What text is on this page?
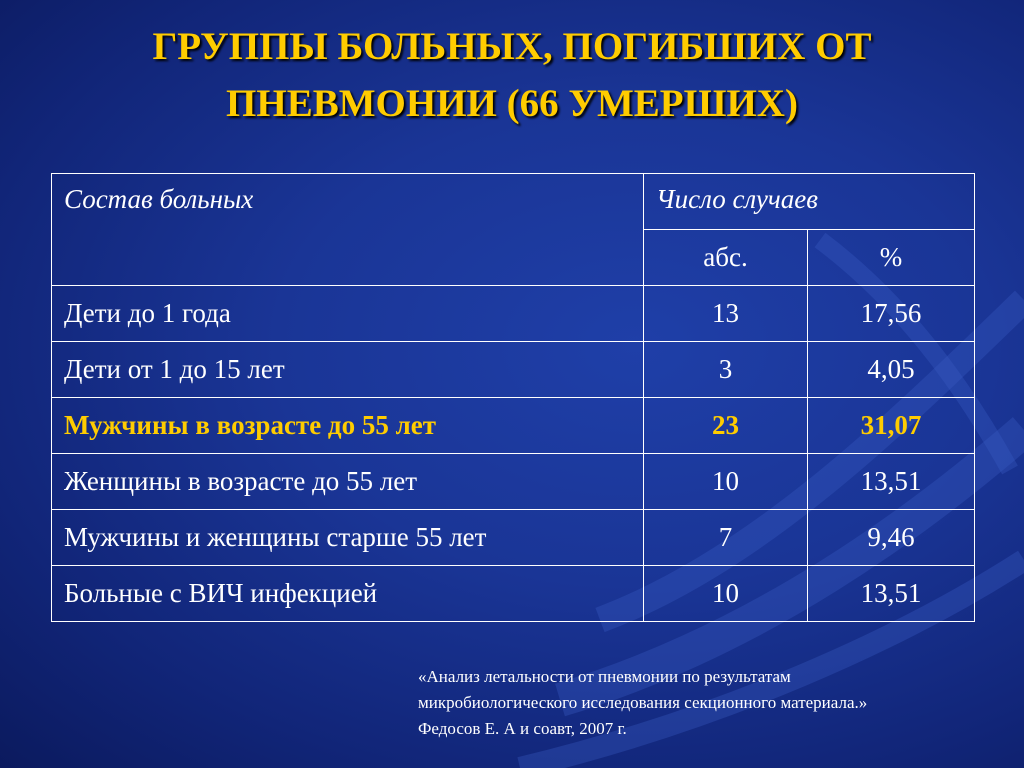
ГРУППЫ БОЛЬНЫХ, ПОГИБШИХ ОТ
ПНЕВМОНИИ (66 УМЕРШИХ)
Состав больных	Число случаев	
	абс.	%
Дети до 1 года	13	17,56
Дети от 1 до 15 лет	3	4,05
Мужчины в возрасте до 55 лет	23	31,07
Женщины в возрасте до 55 лет	10	13,51
Мужчины и женщины старше 55 лет	7	9,46
Больные с ВИЧ инфекцией	10	13,51
«Анализ летальности от пневмонии по результатам
микробиологического исследования секционного материала.»
Федосов Е. А и соавт, 2007 г.
